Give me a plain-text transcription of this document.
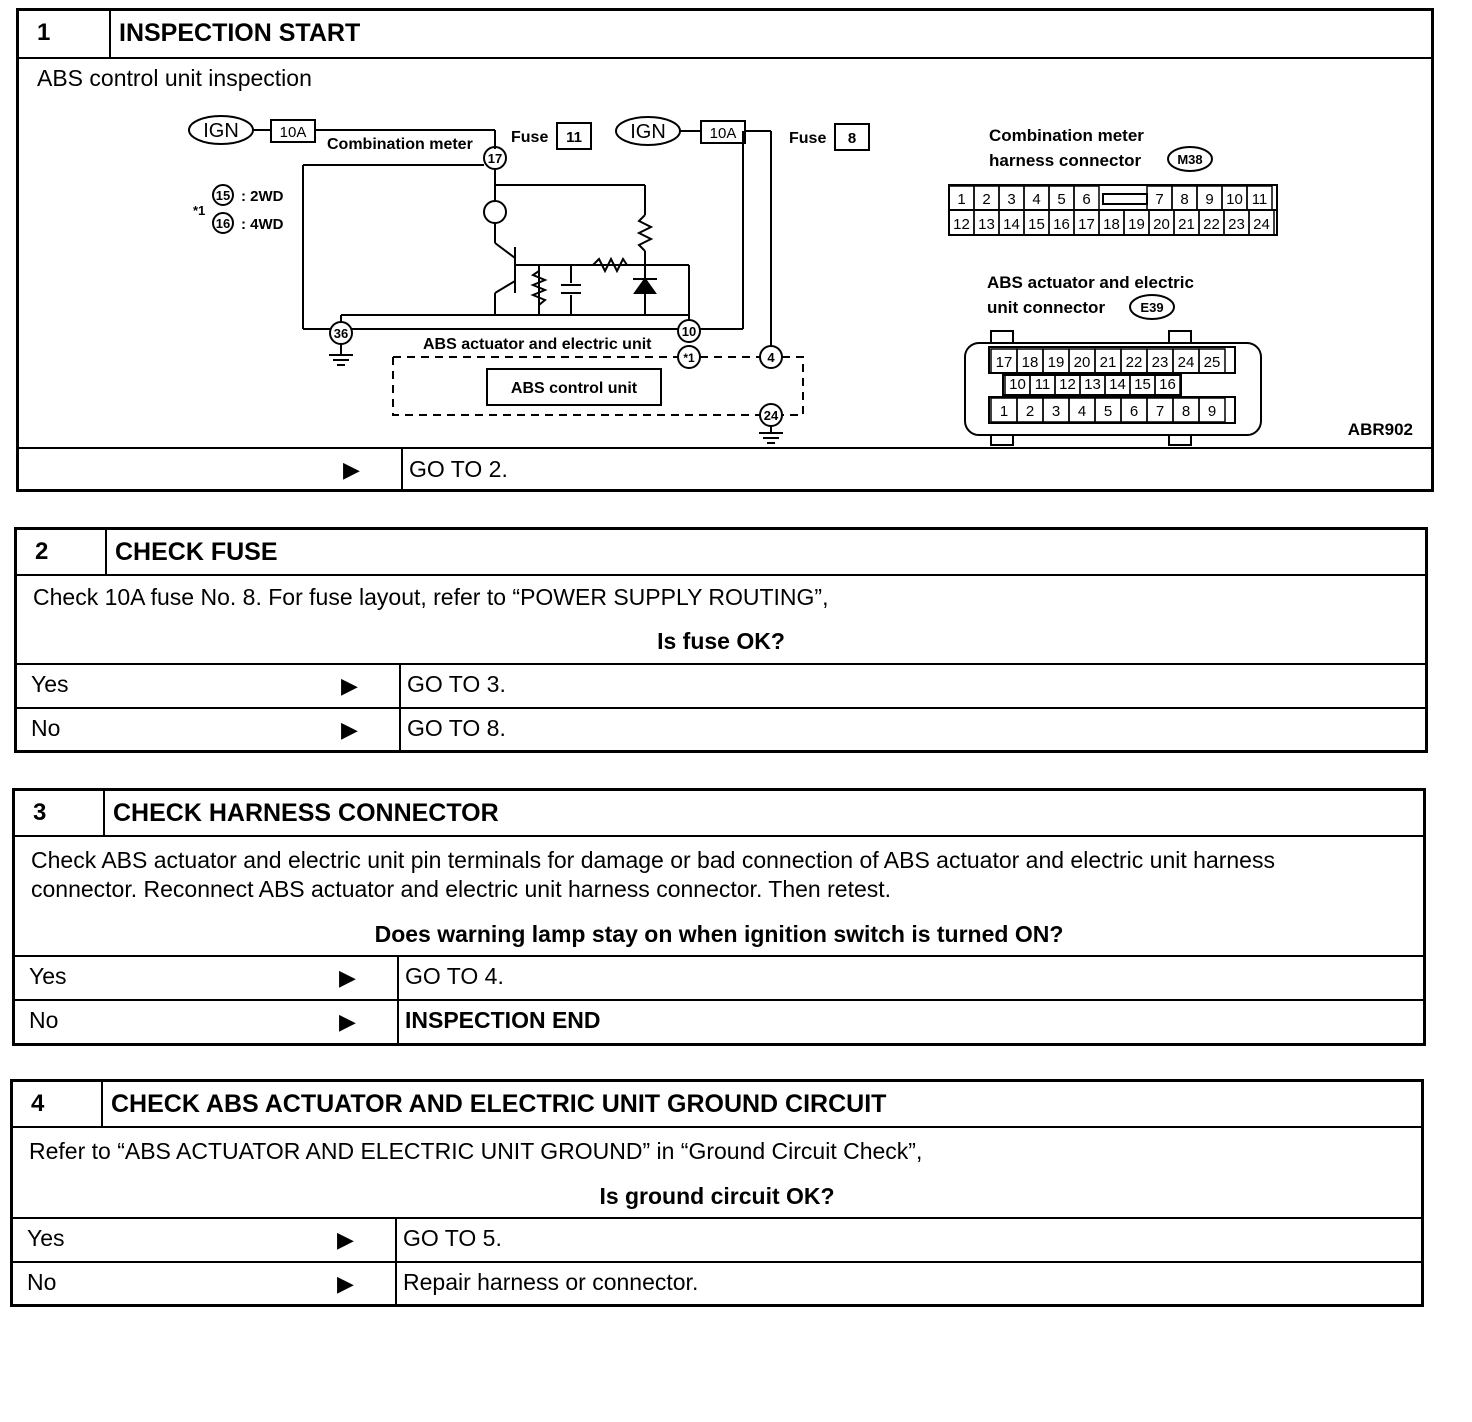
1	INSPECTION START
ABS control unit inspection
IGN	10A	Fuse 11 IGN	10A	Fuse 8
Combination meter
17
36	10
*1	4
24
*1
15 : 2WD
16 : 4WD
ABS actuator and electric unit
ABS control unit
Combination meter
harness connector	M38
ABS actuator and electric
unit connector	E39
ABR902
1 2 3 4 5 6	7 8 9 10 11
12 13 14 15 16 17 18 19 20 21 22 23 24
17 18 19 20 21 22 23 24 25
10 11 12 13 14 15 16
1 2 3 4 5 6 7 8 9
▶	GO TO 2.
2	CHECK FUSE
Check 10A fuse No. 8. For fuse layout, refer to “POWER SUPPLY ROUTING”,
Is fuse OK?
Yes	▶	GO TO 3.
No	▶	GO TO 8.
3	CHECK HARNESS CONNECTOR
Check ABS actuator and electric unit pin terminals for damage or bad connection of ABS actuator and electric unit harness
connector. Reconnect ABS actuator and electric unit harness connector. Then retest.
Does warning lamp stay on when ignition switch is turned ON?
Yes	▶	GO TO 4.
No	▶	INSPECTION END
4	CHECK ABS ACTUATOR AND ELECTRIC UNIT GROUND CIRCUIT
Refer to “ABS ACTUATOR AND ELECTRIC UNIT GROUND” in “Ground Circuit Check”,
Is ground circuit OK?
Yes	▶	GO TO 5.
No	▶	Repair harness or connector.
